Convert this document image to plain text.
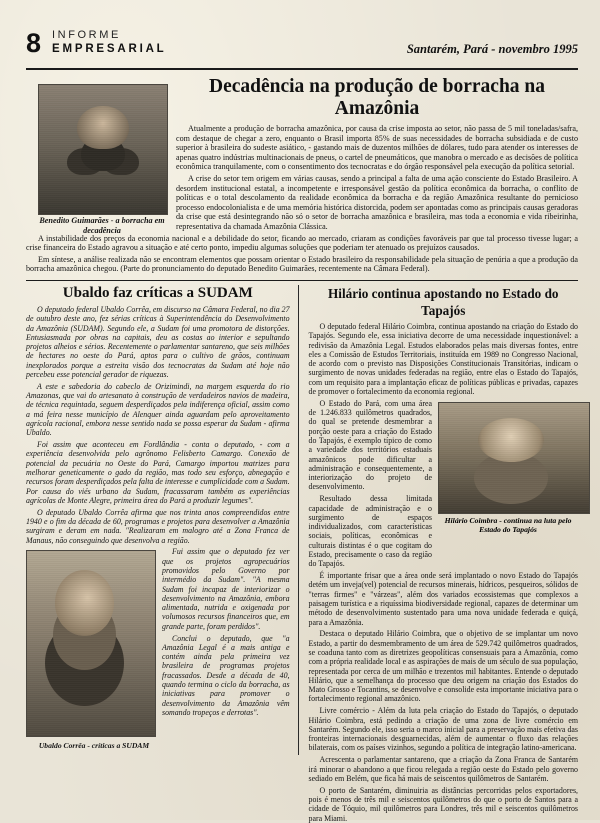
8 INFORME
EMPRESARIAL	Santarém, Pará - novembro 1995
Benedito Guimarães - a borracha em decadência
Decadência na produção de borracha na Amazônia

Atualmente a produção de borracha amazônica, por causa da crise imposta ao setor, não passa de 5 mil toneladas/safra, com destaque de chegar a zero, enquanto o Brasil importa 85% de suas necessidades de borracha subsidiada e de custo superior à brasileira do sudeste asiático, - gastando mais de duzentos milhões de dólares, tudo para atender os interesses de apenas quatro indústrias multinacionais de pneus, o cartel de pneumáticos, que manobra o mercado e as decisões de política econômica tranquilamente, com o consentimento dos tecnocratas e do órgão responsável pela execução da política setorial.

A crise do setor tem origem em várias causas, sendo a principal a falta de uma ação consciente do Estado Brasileiro. A desordem institucional estatal, a incompetente e irresponsável gestão da política econômica da borracha, o conflito de políticas e o total descolamento da realidade econômica da borracha e da região Amazônica resultante do pernicioso processo endocolonialista e de uma memória histórica distorcida, podem ser apontadas como as principais causas geradoras da crise que está desintegrando não só o setor de borracha amazônica e brasileira, mas toda a economia e vida ribeirinha, representativa da chamada Amazônia Clássica.

A instabilidade dos preços da economia nacional e a debilidade do setor, ficando ao mercado, criaram as condições favoráveis par que tal processo tivesse lugar; a crise financeira do Estado agravou a situação e até certo ponto, impediu algumas soluções que poderiam ter atenuado os prejuízos causados.

Em síntese, a análise realizada não se encontram elementos que possam orientar o Estado brasileiro da responsabilidade pela situação de penúria a que a produção da borracha amazônica chegou. (Parte do pronunciamento do deputado Benedito Guimarães, recentemente na Câmara Federal).

Ubaldo faz críticas a SUDAM

O deputado federal Ubaldo Corrêa, em discurso na Câmara Federal, no dia 27 de outubro deste ano, fez sérias críticas à Superintendência do Desenvolvimento da Amazônia (SUDAM). Segundo ele, a Sudam foi uma promotora de distorções. Entusiasmada por obras na capitais, deu as costas ao interior e sepultando projetos alheios e sérios. Recentemente o parlamentar santareno, que seis milhões de hectares no oeste do Pará, aptos para o cultivo de grãos, continuam inexplorados porque a estreita visão dos tecnocratas da Sudam até hoje não percebeu esse potencial gerador de riquezas.

A este e sabedoria do cabeclo de Orizimindi, na margem esquerda do rio Amazonas, que vai do artesanato à construção de verdadeiros navios de madeira, de técnica requintada, seguem desperdiçados pela indiferença oficial, assim como a má feira nesse município de Alenquer ainda aguardam pelo aproveitamento agrícola racional, embora nesse sentido nada se possa esperar da Sudam - afirma Ubaldo.

Foi assim que aconteceu em Fordlândia - conta o deputado, - com a experiência desenvolvida pelo agrônomo Felisberto Camargo. Conexão de potencial da pecuária no Oeste do Pará, Camargo importou matrizes para melhorar geneticamente o gado da região, mas todo seu esforço, abnegação e recursos foram desperdiçados pela falta de interesse e cumplicidade com a Sudam. Por causa do viés urbano da Sudam, fracassaram também as experiências agrícolas de Monte Alegre, primeira área do Pará a produzir legumes".

O deputado Ubaldo Corrêa afirma que nos trinta anos compreendidos entre 1940 e o fim da década de 60, programas e projetos para desenvolver a Amazônia surgiram e deram em nada. "Realizaram em malogro até a Zona Franca de Manaus, não conseguindo que desenvolva a região.

Fui assim que o deputado fez ver que os projetos agropecuários promovidos pelo Governo por intermédio da Sudam". "A mesma Sudam foi incapaz de interiorizar o desenvolvimento na Amazônia, embora alimentada, nutrida e oxigenada por volumosos recursos financeiros que, em grande parte, foram perdidos".

Conclui o deputado, que "a Amazônia Legal é a mais antiga e contém ainda pela primeira vez brasileira de programas projetos fracassados. Desde a década de 40, quando termina o ciclo da borracha, as iniciativas para promover o desenvolvimento da Amazônia vêm somando tropeços e derrotas".

Ubaldo Corrêa - críticas a SUDAM
Hilário continua apostando no Estado do Tapajós

O deputado federal Hilário Coimbra, continua apostando na criação do Estado do Tapajós. Segundo ele, essa iniciativa decorre de uma necessidade inquestionável: a redivisão da Amazônia Legal. Estudos elaborados pelas mais diversas fontes, entre eles a Comissão de Estudos Territoriais, instituída em 1989 no Congresso Nacional, de acordo com o previsto nas Disposições Constitucionais Transitórias, indicam o surgimento de novas unidades federadas na região, entre elas o Estado do Tapajós, com um requisito para a implantação eficaz de políticas públicas e privadas, capazes de promover o fortalecimento da economia regional.

O Estado do Pará, com uma área de 1.246.833 quilômetros quadrados, do qual se pretende desmembrar a porção oeste para a criação do Estado do Tapajós, é exemplo típico de como a variedade dos territórios estaduais amazônicos pode dificultar a administração e consequentemente, a interiorização do projeto de desenvolvimento.

Resultado dessa limitada capacidade de administração e o surgimento de espaços individualizados, com características sociais, políticas, econômicas e culturais distintas é o que cogitam do Estado, precisamente o caso da região do Tapajós.

Hilário Coimbra - continua na luta pelo Estado do Tapajós

É importante frisar que a área onde será implantado o novo Estado do Tapajós detém um inveja(vel) potencial de recursos minerais, hídricos, pesqueiros, sólidos de "terras firmes" e "várzeas", além dos variados ecossistemas que complexos a paisagem turística e a riquíssima biodiversidade regional, capazes de determinar um método de desenvolvimento sustentado para uma nova unidade federada e quiçá, para a Amazônia.

Destaca o deputado Hilário Coimbra, que o objetivo de se implantar um novo Estado, a partir do desmembramento de um área de 529.742 quilômetros quadrados, se coaduna tanto com as diretrizes geopolíticas consensuais para a Amazônia, como com a própria realidade local e as aspirações de mais de um século de sua população, representada por cerca de um milhão e trezentos mil habitantes. Entende o deputado Hilário, que a semelhança do processo que deu origem na criação dos Estados do Mato Grosso e Tocantins, se desenvolve e consolide esta importante iniciativa para o fortalecimento regional amazônico.

Livre comércio - Além da luta pela criação do Estado do Tapajós, o deputado Hilário Coimbra, está pedindo a criação de uma zona de livre comércio em Santarém. Segundo ele, isso seria o marco inicial para a preservação mais efetiva das fronteiras internacionais desguarnecidas, além de aumentar o fluxo das relações bilaterais, com os países vizinhos, segundo a política de integração latino-americana.

Acrescenta o parlamentar santareno, que a criação da Zona Franca de Santarém irá minorar o abandono a que ficou relegada a região oeste do Estado pelo governo sediado em Belém, que fica há mais de seiscentos quilômetros de Santarém.

O porto de Santarém, diminuiria as distâncias percorridas pelos exportadores, pois é menos de três mil e seiscentos quilômetros do que o porto de Santos para a cidade de Tóquio, mil quilômetros para Londres, três mil e seiscentos quilômetros para Miami.
